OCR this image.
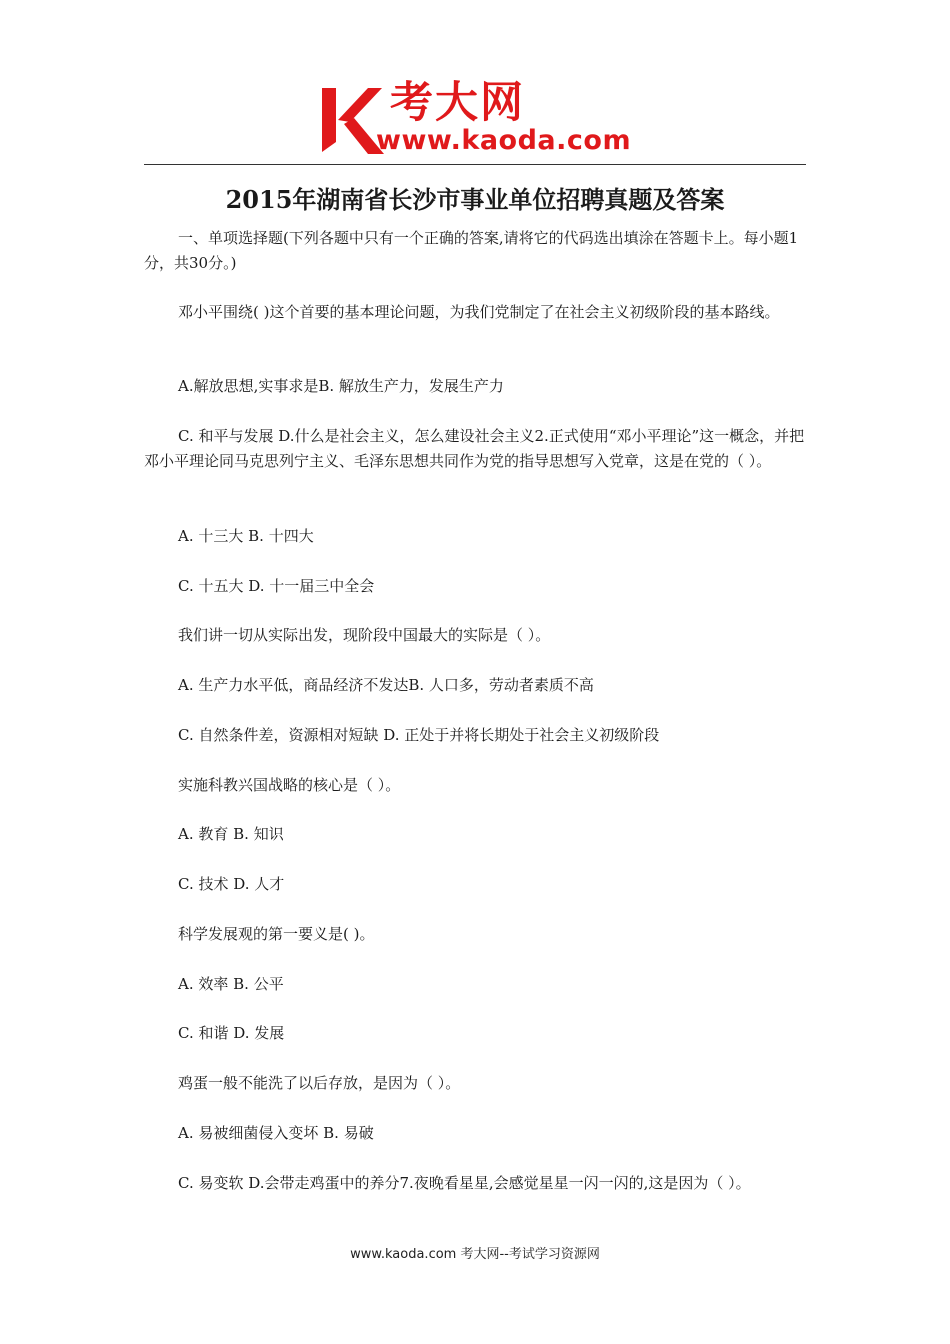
考大网
www.kaoda.com
2015年湖南省长沙市事业单位招聘真题及答案

一、单项选择题(下列各题中只有一个正确的答案,请将它的代码选出填涂在答题卡上。每小题1分，共30分。)

邓小平围绕( )这个首要的基本理论问题，为我们党制定了在社会主义初级阶段的基本路线。

A.解放思想,实事求是B. 解放生产力，发展生产力

C. 和平与发展 D.什么是社会主义，怎么建设社会主义2.正式使用“邓小平理论”这一概念，并把邓小平理论同马克思列宁主义、毛泽东思想共同作为党的指导思想写入党章，这是在党的（ ）。

A. 十三大 B. 十四大

C. 十五大 D. 十一届三中全会

我们讲一切从实际出发，现阶段中国最大的实际是（ ）。

A. 生产力水平低，商品经济不发达B. 人口多，劳动者素质不高

C. 自然条件差，资源相对短缺 D. 正处于并将长期处于社会主义初级阶段

实施科教兴国战略的核心是（ ）。

A. 教育 B. 知识

C. 技术 D. 人才

科学发展观的第一要义是( )。

A. 效率 B. 公平

C. 和谐 D. 发展

鸡蛋一般不能洗了以后存放，是因为（ ）。

A. 易被细菌侵入变坏 B. 易破

C. 易变软 D.会带走鸡蛋中的养分7.夜晚看星星,会感觉星星一闪一闪的,这是因为（ ）。

www.kaoda.com 考大网--考试学习资源网
